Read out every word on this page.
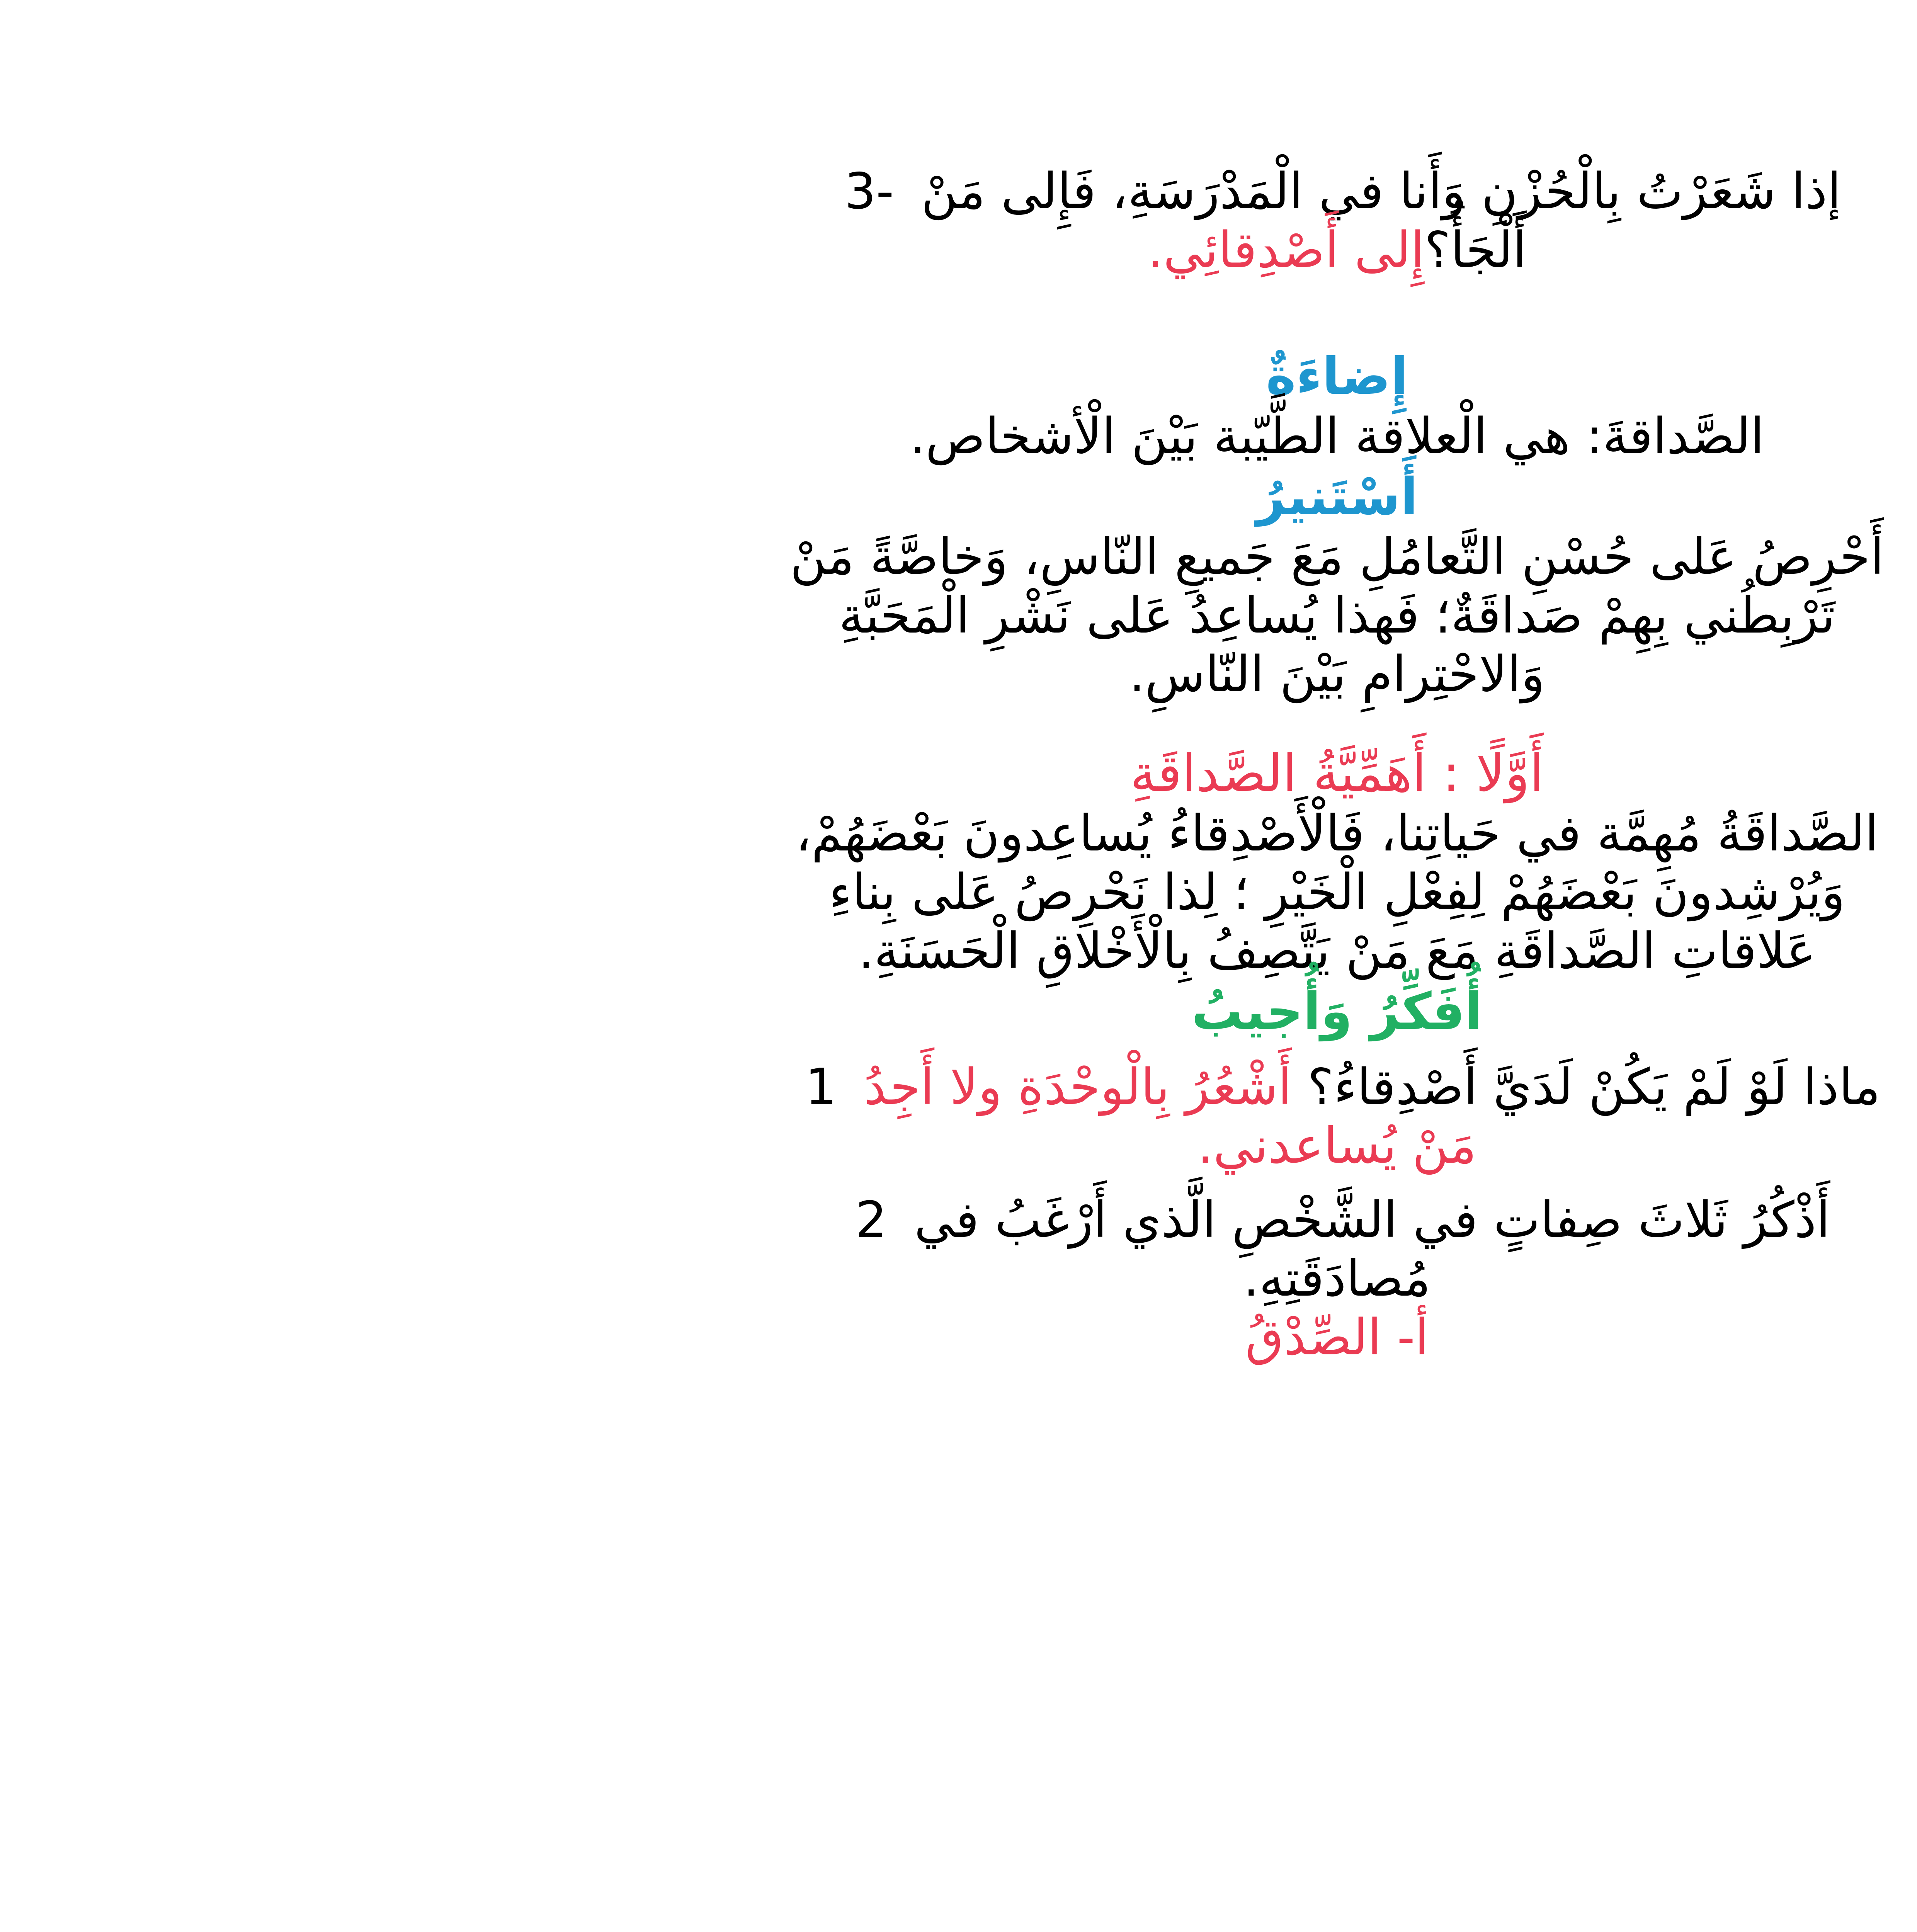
إذا شَعَرْتُ بِالْحُزْنِ وَأَنا في الْمَدْرَسَةِ، فَإِلى مَنْ 3-

أَلْجَأُ؟إِلى أَصْدِقائِي.

إِضاءَةٌ

الصَّداقةَ: هي الْعلاقة الطَّيّبة بَيْنَ الْأشخاص.

أَسْتَنيرُ

أَحْرِصُ عَلى حُسْنِ التَّعامُلِ مَعَ جَميعِ النّاسِ، وَخاصَّةً مَنْ

تَرْبِطُني بِهِمْ صَداقَةٌ؛ فَهذا يُساعِدُ عَلى نَشْرِ الْمَحَبَّةِ

وَالاحْتِرامِ بَيْنَ النّاسِ.

أَوَّلًا : أَهَمِّيَّةُ الصَّداقَةِ

الصَّداقَةُ مُهِمَّة في حَياتِنا، فَالْأَصْدِقاءُ يُساعِدونَ بَعْضَهُمْ،

وَيُرْشِدونَ بَعْضَهُمْ لِفِعْلِ الْخَيْرِ ؛ لِذا نَحْرِصُ عَلى بِناءِ

عَلاقاتِ الصَّداقَةِ مَعَ مَنْ يَتَّصِفُ بِالْأَخْلاقِ الْحَسَنَةِ.

أُفَكِّرُ وَأُجيبُ

ماذا لَوْ لَمْ يَكُنْ لَدَيَّ أَصْدِقاءُ؟ أَشْعُرُ بِالْوحْدَةِ ولا أَجِدُ 1

مَنْ يُساعدني.

أَذْكُرُ ثَلاثَ صِفاتٍ في الشَّخْصِ الَّذي أَرْغَبُ في 2

مُصادَقَتِهِ.

أ- الصِّدْقُ
